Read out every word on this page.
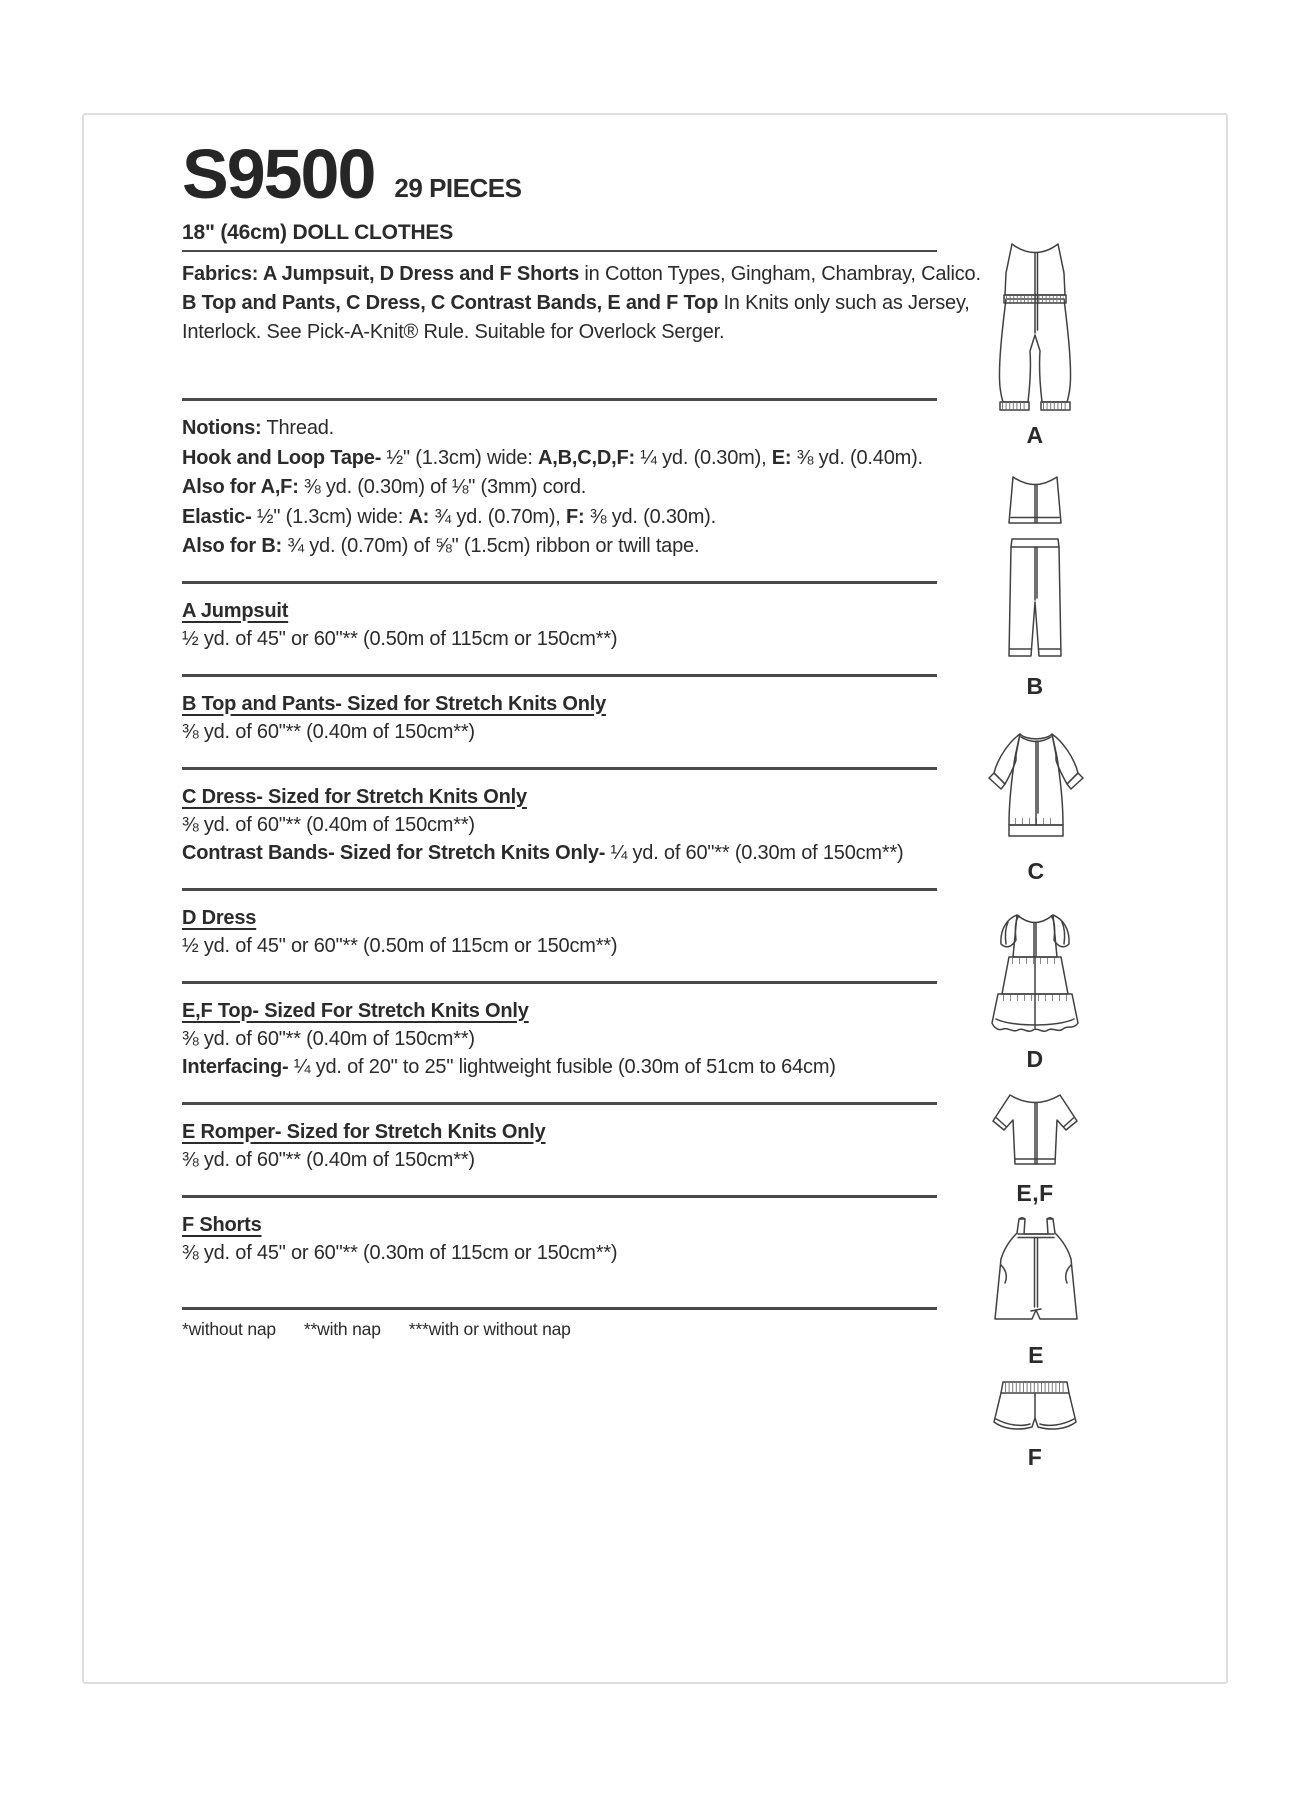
S9500 29 PIECES
18" (46cm) DOLL CLOTHES
Fabrics: A Jumpsuit, D Dress and F Shorts in Cotton Types, Gingham, Chambray, Calico.
B Top and Pants, C Dress, C Contrast Bands, E and F Top In Knits only such as Jersey,
Interlock. See Pick-A-Knit® Rule. Suitable for Overlock Serger.
Notions: Thread.
Hook and Loop Tape- ½" (1.3cm) wide: A,B,C,D,F: ¼ yd. (0.30m), E: ⅜ yd. (0.40m).
Also for A,F: ⅜ yd. (0.30m) of ⅛" (3mm) cord.
Elastic- ½" (1.3cm) wide: A: ¾ yd. (0.70m), F: ⅜ yd. (0.30m).
Also for B: ¾ yd. (0.70m) of ⅝" (1.5cm) ribbon or twill tape.
A Jumpsuit
½ yd. of 45" or 60"** (0.50m of 115cm or 150cm**)
B Top and Pants- Sized for Stretch Knits Only
⅜ yd. of 60"** (0.40m of 150cm**)
C Dress- Sized for Stretch Knits Only
⅜ yd. of 60"** (0.40m of 150cm**)
Contrast Bands- Sized for Stretch Knits Only- ¼ yd. of 60"** (0.30m of 150cm**)
D Dress
½ yd. of 45" or 60"** (0.50m of 115cm or 150cm**)
E,F Top- Sized For Stretch Knits Only
⅜ yd. of 60"** (0.40m of 150cm**)
Interfacing- ¼ yd. of 20" to 25" lightweight fusible (0.30m of 51cm to 64cm)
E Romper- Sized for Stretch Knits Only
⅜ yd. of 60"** (0.40m of 150cm**)
F Shorts
⅜ yd. of 45" or 60"** (0.30m of 115cm or 150cm**)
*without nap **with nap ***with or without nap
A
B
C
D
E,F
E
F
